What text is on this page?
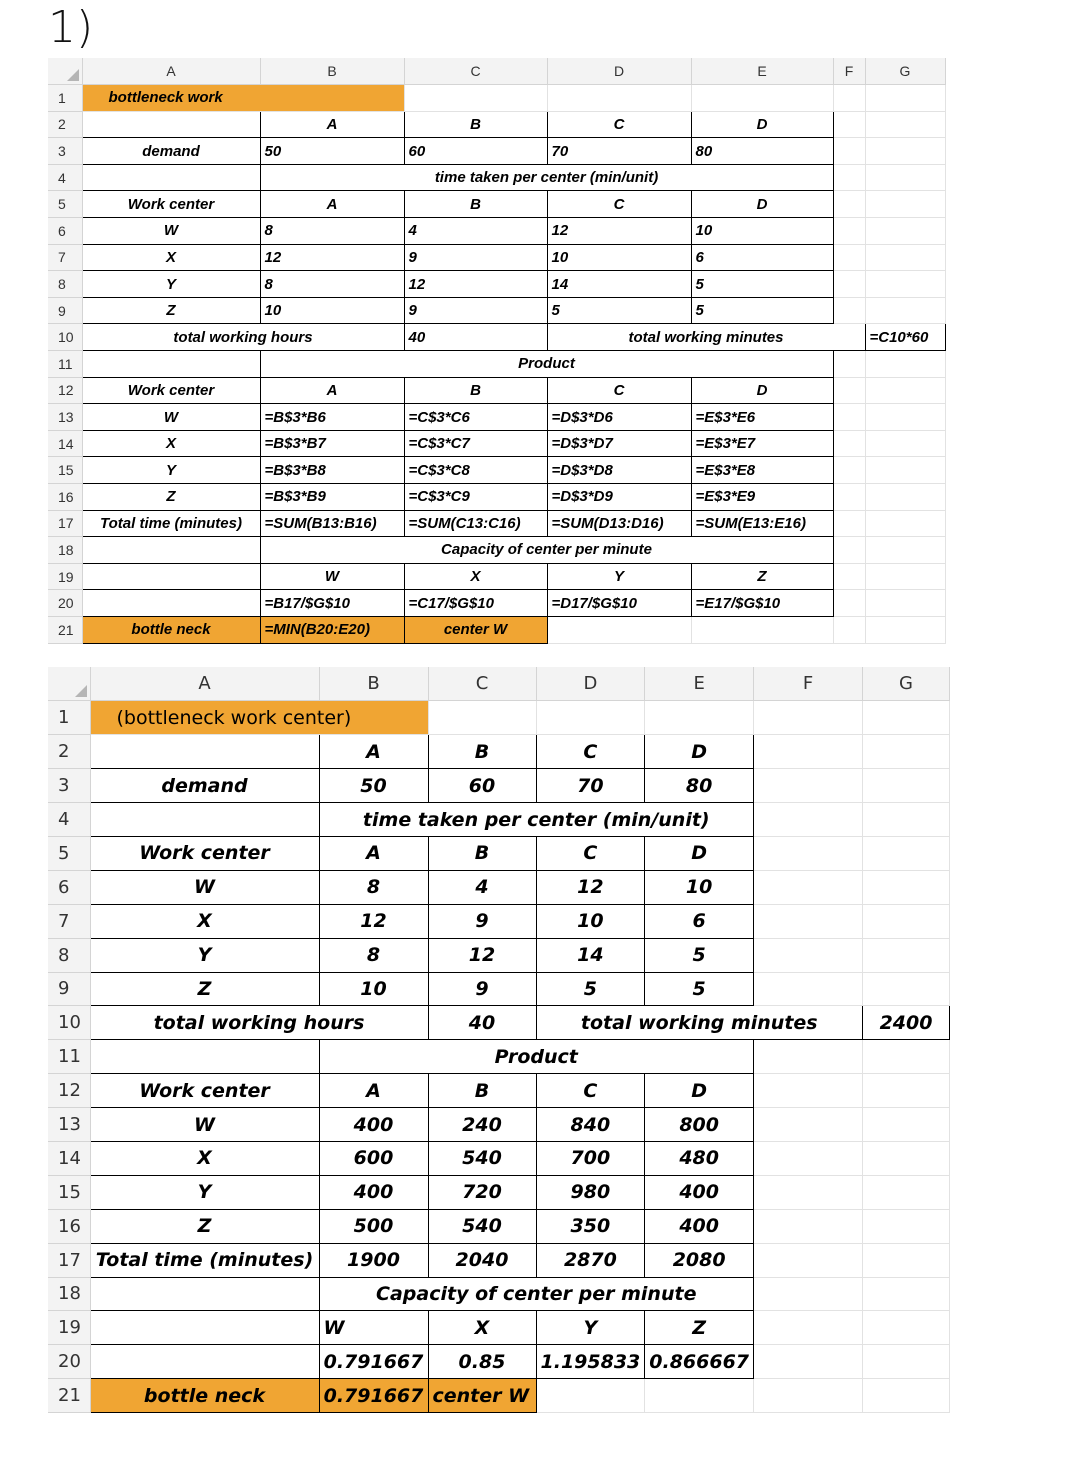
1)
	A	B	C	D	E	F	G
1	bottleneck work						
2		A	B	C	D		
3	demand	50	60	70	80		
4		time taken per center (min/unit)					
5	Work center	A	B	C	D		
6	W	8	4	12	10		
7	X	12	9	10	6		
8	Y	8	12	14	5		
9	Z	10	9	5	5		
10	total working hours		40	total working minutes			=C10*60
11		Product					
12	Work center	A	B	C	D		
13	W	=B$3*B6	=C$3*C6	=D$3*D6	=E$3*E6		
14	X	=B$3*B7	=C$3*C7	=D$3*D7	=E$3*E7		
15	Y	=B$3*B8	=C$3*C8	=D$3*D8	=E$3*E8		
16	Z	=B$3*B9	=C$3*C9	=D$3*D9	=E$3*E9		
17	Total time (minutes)	=SUM(B13:B16)	=SUM(C13:C16)	=SUM(D13:D16)	=SUM(E13:E16)		
18		Capacity of center per minute					
19		W	X	Y	Z		
20		=B17/$G$10	=C17/$G$10	=D17/$G$10	=E17/$G$10		
21	bottle neck	=MIN(B20:E20)	center W				
	A	B	C	D	E	F	G
1	(bottleneck work center)						
2		A	B	C	D		
3	demand	50	60	70	80		
4		time taken per center (min/unit)					
5	Work center	A	B	C	D		
6	W	8	4	12	10		
7	X	12	9	10	6		
8	Y	8	12	14	5		
9	Z	10	9	5	5		
10	total working hours		40	total working minutes			2400
11		Product					
12	Work center	A	B	C	D		
13	W	400	240	840	800		
14	X	600	540	700	480		
15	Y	400	720	980	400		
16	Z	500	540	350	400		
17	Total time (minutes)	1900	2040	2870	2080		
18		Capacity of center per minute					
19		W	X	Y	Z		
20		0.791667	0.85	1.195833	0.866667		
21	bottle neck	0.791667	center W				
